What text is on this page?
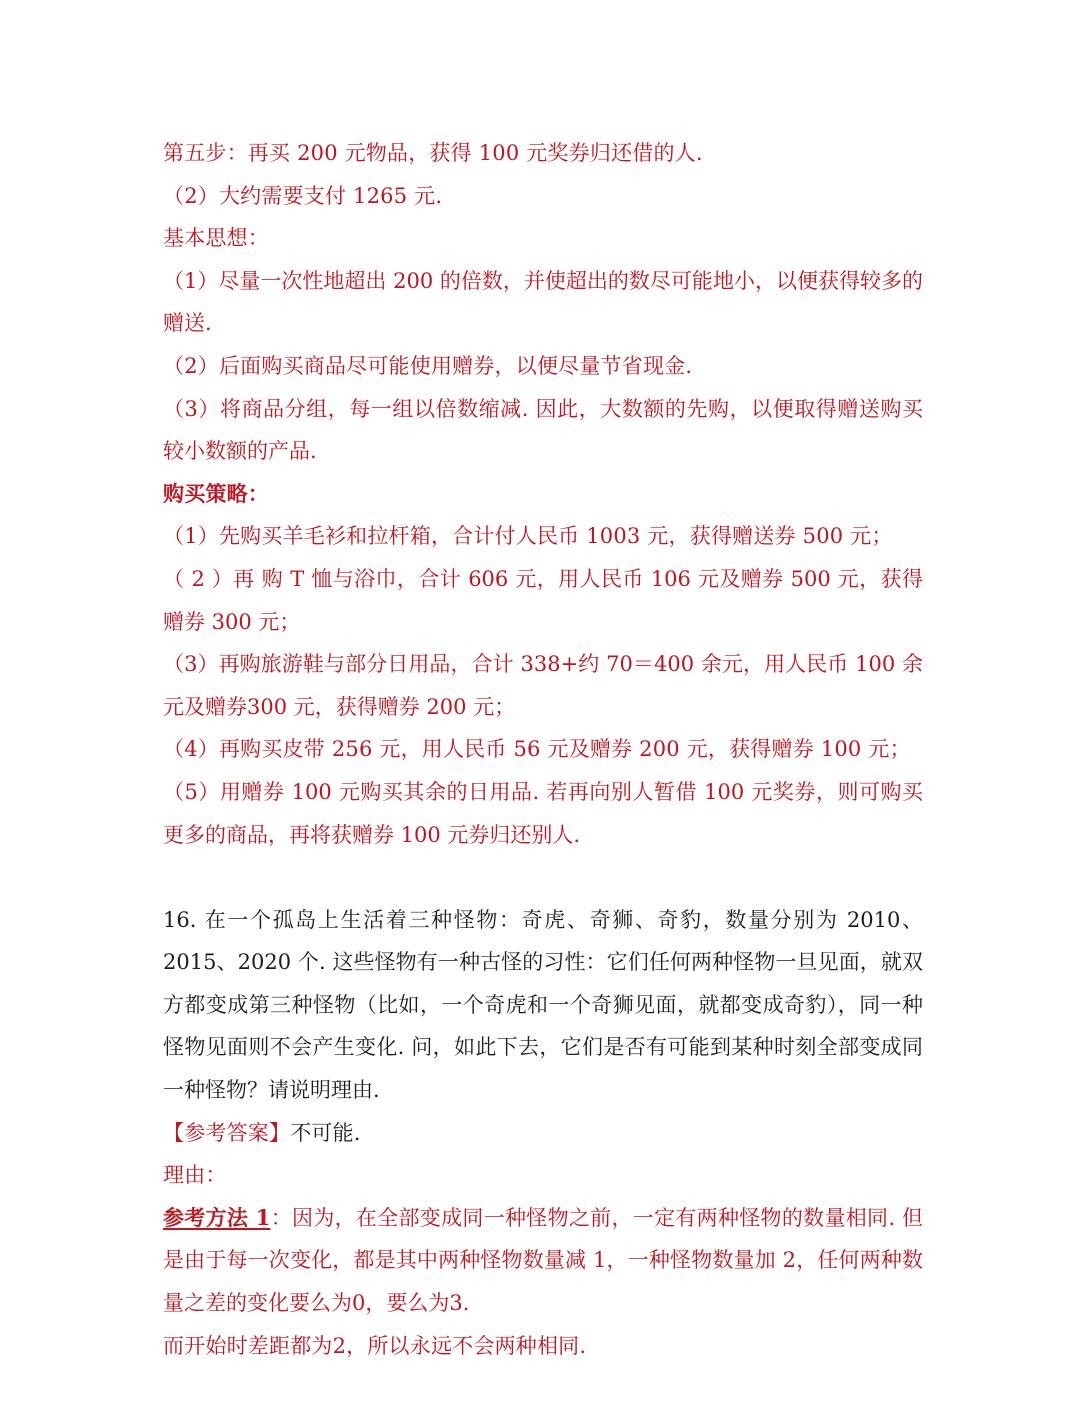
第五步：再买 200 元物品，获得 100 元奖券归还借的人.
（2）大约需要支付 1265 元.
基本思想：
（1）尽量一次性地超出 200 的倍数，并使超出的数尽可能地小，以便获得较多的赠送.
（2）后面购买商品尽可能使用赠券，以便尽量节省现金.
（3）将商品分组，每一组以倍数缩减. 因此，大数额的先购，以便取得赠送购买较小数额的产品.
购买策略：
（1）先购买羊毛衫和拉杆箱，合计付人民币 1003 元，获得赠送券 500 元；
（ 2 ）再 购 T 恤与浴巾，合计 606 元，用人民币 106 元及赠券 500 元，获得赠券 300 元；
（3）再购旅游鞋与部分日用品，合计 338+约 70＝400 余元，用人民币 100 余元及赠券300 元，获得赠券 200 元；
（4）再购买皮带 256 元，用人民币 56 元及赠券 200 元，获得赠券 100 元；
（5）用赠券 100 元购买其余的日用品. 若再向别人暂借 100 元奖券，则可购买更多的商品，再将获赠券 100 元券归还别人.
16. 在一个孤岛上生活着三种怪物：奇虎、奇狮、奇豹，数量分别为 2010、2015、2020 个. 这些怪物有一种古怪的习性：它们任何两种怪物一旦见面，就双方都变成第三种怪物（比如，一个奇虎和一个奇狮见面，就都变成奇豹），同一种怪物见面则不会产生变化. 问，如此下去，它们是否有可能到某种时刻全部变成同一种怪物？请说明理由.
【参考答案】不可能.
理由：
参考方法 1：因为，在全部变成同一种怪物之前，一定有两种怪物的数量相同. 但是由于每一次变化，都是其中两种怪物数量减 1，一种怪物数量加 2，任何两种数量之差的变化要么为0，要么为3.
而开始时差距都为2，所以永远不会两种相同.
